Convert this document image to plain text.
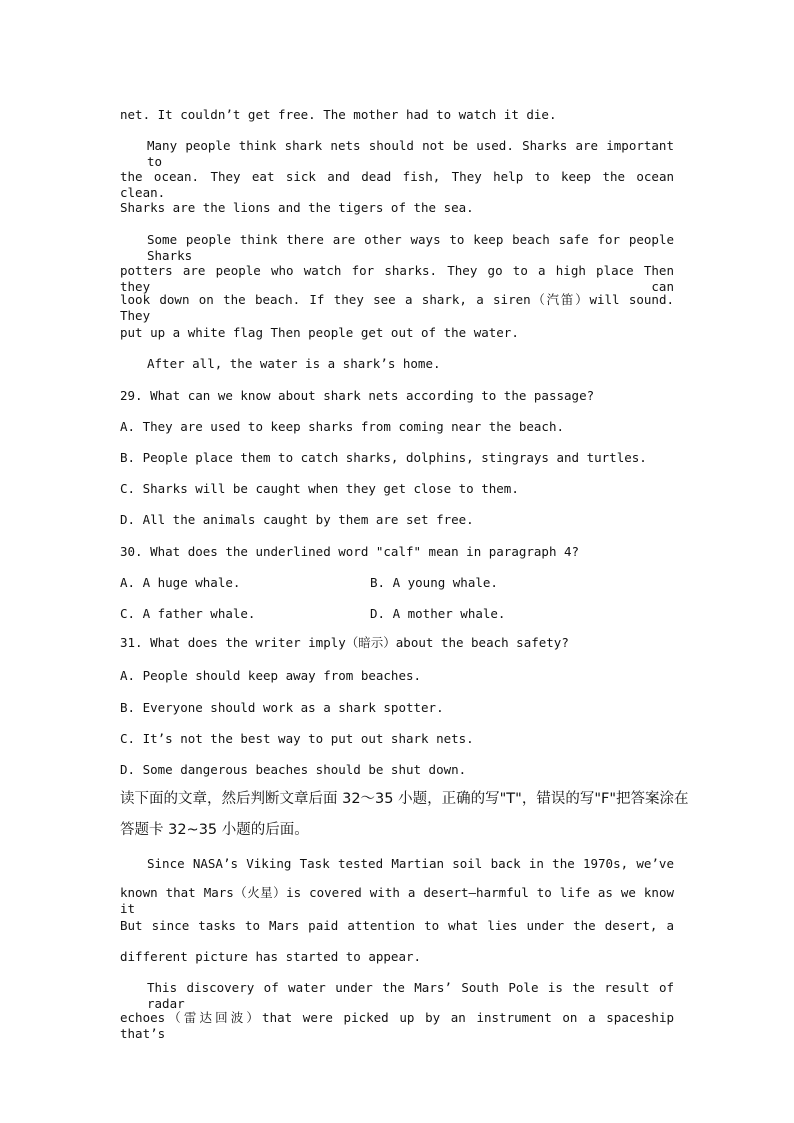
net. It couldn’t get free. The mother had to watch it die.
Many people think shark nets should not be used. Sharks are important to
the ocean. They eat sick and dead fish, They help to keep the ocean clean.
Sharks are the lions and the tigers of the sea.
Some people think there are other ways to keep beach safe for people Sharks
potters are people who watch for sharks. They go to a high place Then they can
look down on the beach. If they see a shark, a siren（汽笛）will sound. They
put up a white flag Then people get out of the water.
After all, the water is a shark’s home.
29. What can we know about shark nets according to the passage?
A. They are used to keep sharks from coming near the beach.
B. People place them to catch sharks, dolphins, stingrays and turtles.
C. Sharks will be caught when they get close to them.
D. All the animals caught by them are set free.
30. What does the underlined word "calf" mean in paragraph 4?
A. A huge whale.	B. A young whale.
C. A father whale.	D. A mother whale.
31. What does the writer imply（暗示）about the beach safety?
A. People should keep away from beaches.
B. Everyone should work as a shark spotter.
C. It’s not the best way to put out shark nets.
D. Some dangerous beaches should be shut down.
读下面的文章，然后判断文章后面 32～35 小题，正确的写"T"，错误的写"F"把答案涂在
答题卡 32~35 小题的后面。
Since NASA’s Viking Task tested Martian soil back in the 1970s, we’ve
known that Mars（火星）is covered with a desert—harmful to life as we know it
But since tasks to Mars paid attention to what lies under the desert, a
different picture has started to appear.
This discovery of water under the Mars’ South Pole is the result of radar
echoes（雷达回波）that were picked up by an instrument on a spaceship that’s
